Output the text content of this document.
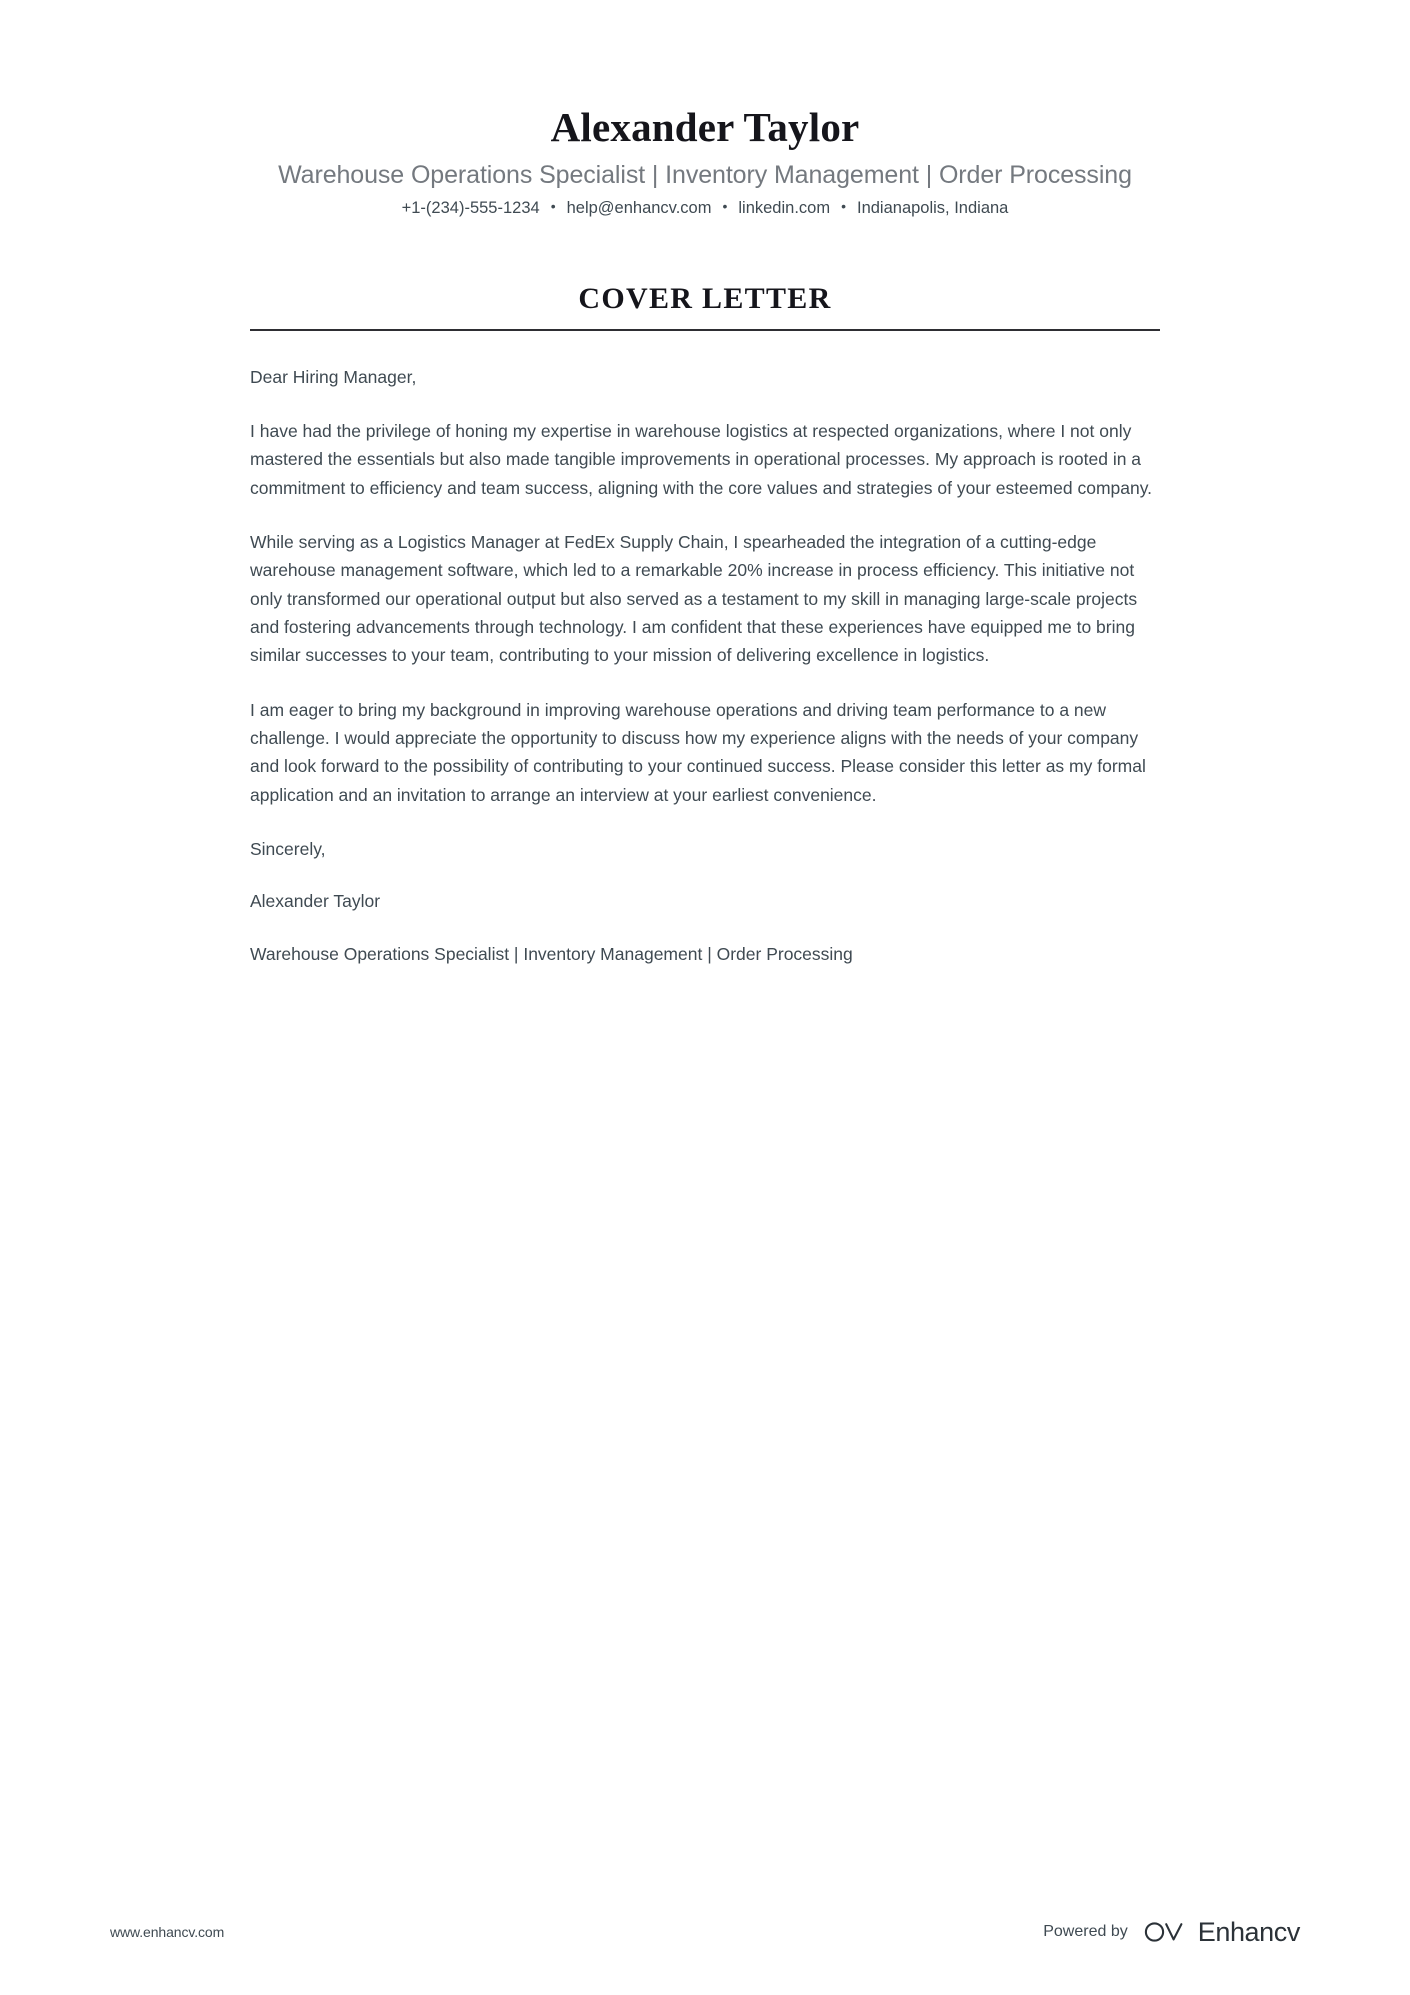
Alexander Taylor
Warehouse Operations Specialist | Inventory Management | Order Processing
+1-(234)-555-1234 • help@enhancv.com • linkedin.com • Indianapolis, Indiana
COVER LETTER

Dear Hiring Manager,

I have had the privilege of honing my expertise in warehouse logistics at respected organizations, where I not only mastered the essentials but also made tangible improvements in operational processes. My approach is rooted in a commitment to efficiency and team success, aligning with the core values and strategies of your esteemed company.

While serving as a Logistics Manager at FedEx Supply Chain, I spearheaded the integration of a cutting-edge warehouse management software, which led to a remarkable 20% increase in process efficiency. This initiative not only transformed our operational output but also served as a testament to my skill in managing large-scale projects and fostering advancements through technology. I am confident that these experiences have equipped me to bring similar successes to your team, contributing to your mission of delivering excellence in logistics.

I am eager to bring my background in improving warehouse operations and driving team performance to a new challenge. I would appreciate the opportunity to discuss how my experience aligns with the needs of your company and look forward to the possibility of contributing to your continued success. Please consider this letter as my formal application and an invitation to arrange an interview at your earliest convenience.

Sincerely,

Alexander Taylor

Warehouse Operations Specialist | Inventory Management | Order Processing

www.enhancv.com	Powered by	Enhancv
